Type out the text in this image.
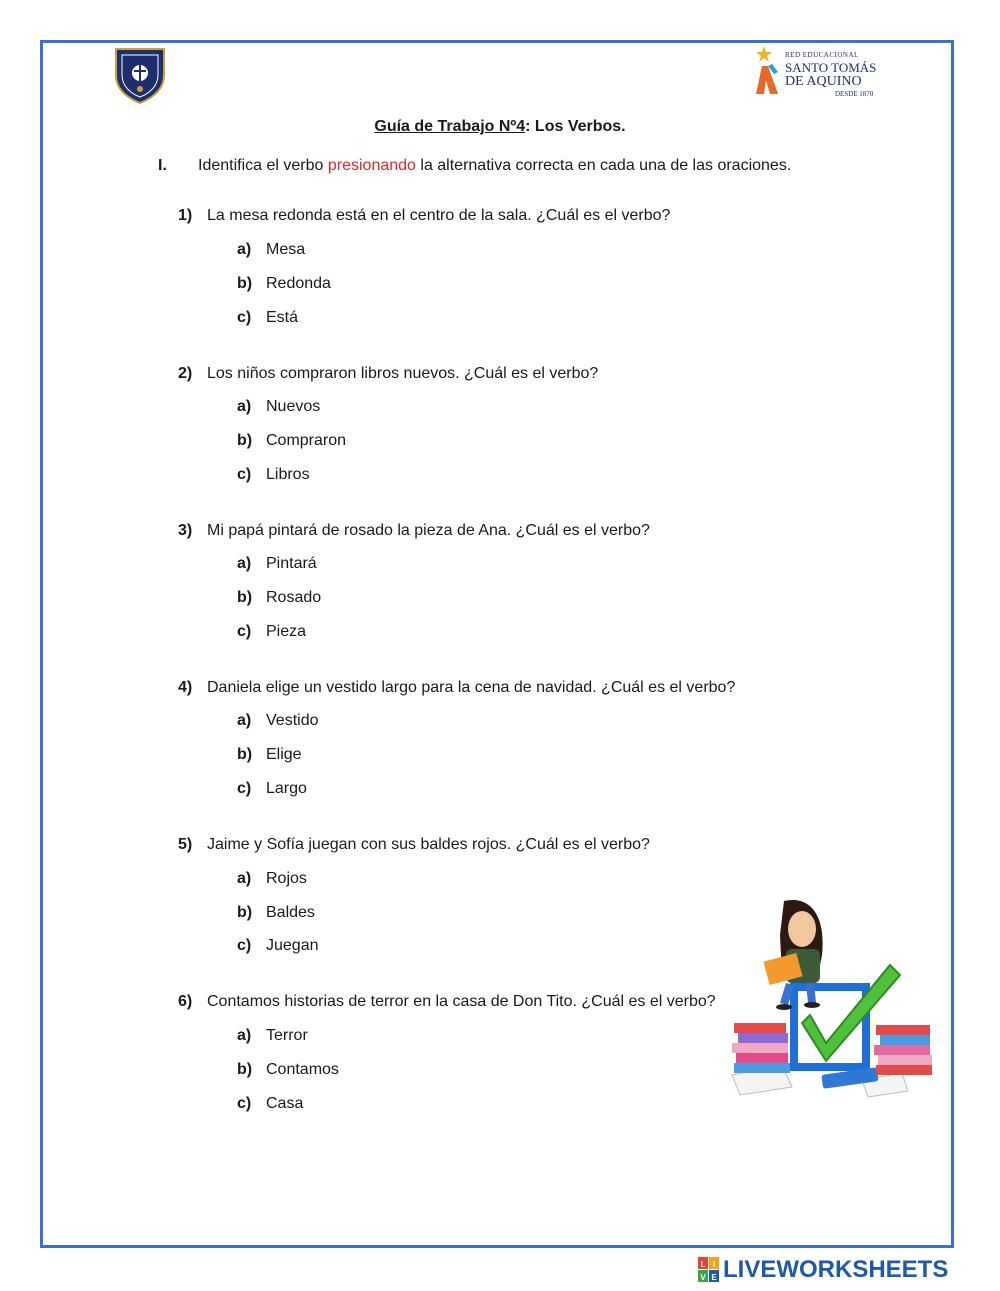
RED EDUCACIONAL
SANTO TOMÁS
DE AQUINO
DESDE 1870
Guía de Trabajo Nº4: Los Verbos.
I. Identifica el verbo presionando la alternativa correcta en cada una de las oraciones.
1) La mesa redonda está en el centro de la sala. ¿Cuál es el verbo?
a) Mesa
b) Redonda
c) Está
2) Los niños compraron libros nuevos. ¿Cuál es el verbo?
a) Nuevos
b) Compraron
c) Libros
3) Mi papá pintará de rosado la pieza de Ana. ¿Cuál es el verbo?
a) Pintará
b) Rosado
c) Pieza
4) Daniela elige un vestido largo para la cena de navidad. ¿Cuál es el verbo?
a) Vestido
b) Elige
c) Largo
5) Jaime y Sofía juegan con sus baldes rojos. ¿Cuál es el verbo?
a) Rojos
b) Baldes
c) Juegan
6) Contamos historias de terror en la casa de Don Tito. ¿Cuál es el verbo?
a) Terror
b) Contamos
c) Casa
L I
V E LIVEWORKSHEETS
